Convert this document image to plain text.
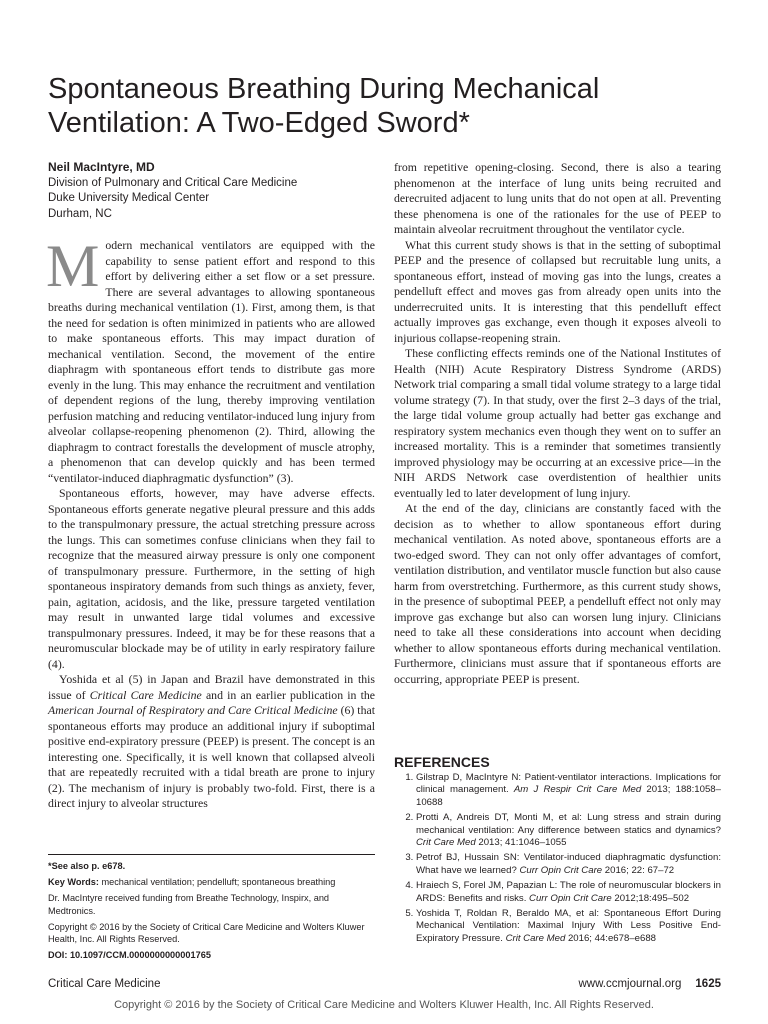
Spontaneous Breathing During Mechanical Ventilation: A Two-Edged Sword*
Neil MacIntyre, MD
Division of Pulmonary and Critical Care Medicine
Duke University Medical Center
Durham, NC

Modern mechanical ventilators are equipped with the capability to sense patient effort and respond to this effort by delivering either a set flow or a set pressure. There are several advantages to allowing spontaneous breaths during mechanical ventilation (1). First, among them, is that the need for sedation is often minimized in patients who are allowed to make spontaneous efforts. This may impact duration of mechanical ventilation. Second, the movement of the entire diaphragm with spontaneous effort tends to distribute gas more evenly in the lung. This may enhance the recruitment and ventilation of dependent regions of the lung, thereby improving ventilation perfusion matching and reducing ventilator-induced lung injury from alveolar collapse-reopening phenomenon (2). Third, allowing the diaphragm to contract forestalls the development of muscle atrophy, a phenomenon that can develop quickly and has been termed “ventilator-induced diaphragmatic dysfunction” (3).

Spontaneous efforts, however, may have adverse effects. Spontaneous efforts generate negative pleural pressure and this adds to the transpulmonary pressure, the actual stretching pressure across the lungs. This can sometimes confuse clinicians when they fail to recognize that the measured airway pressure is only one component of transpulmonary pressure. Furthermore, in the setting of high spontaneous inspiratory demands from such things as anxiety, fever, pain, agitation, acidosis, and the like, pressure targeted ventilation may result in unwanted large tidal volumes and excessive transpulmonary pressures. Indeed, it may be for these reasons that a neuromuscular blockade may be of utility in early respiratory failure (4).

Yoshida et al (5) in Japan and Brazil have demonstrated in this issue of Critical Care Medicine and in an earlier publication in the American Journal of Respiratory and Care Critical Medicine (6) that spontaneous efforts may produce an additional injury if suboptimal positive end-expiratory pressure (PEEP) is present. The concept is an interesting one. Specifically, it is well known that collapsed alveoli that are repeatedly recruited with a tidal breath are prone to injury (2). The mechanism of injury is probably two-fold. First, there is a direct injury to alveolar structures

from repetitive opening-closing. Second, there is also a tearing phenomenon at the interface of lung units being recruited and derecruited adjacent to lung units that do not open at all. Preventing these phenomena is one of the rationales for the use of PEEP to maintain alveolar recruitment throughout the ventilator cycle.

What this current study shows is that in the setting of suboptimal PEEP and the presence of collapsed but recruitable lung units, a spontaneous effort, instead of moving gas into the lungs, creates a pendelluft effect and moves gas from already open units into the underrecruited units. It is interesting that this pendelluft effect actually improves gas exchange, even though it exposes alveoli to injurious collapse-reopening strain.

These conflicting effects reminds one of the National Institutes of Health (NIH) Acute Respiratory Distress Syndrome (ARDS) Network trial comparing a small tidal volume strategy to a large tidal volume strategy (7). In that study, over the first 2–3 days of the trial, the large tidal volume group actually had better gas exchange and respiratory system mechanics even though they went on to suffer an increased mortality. This is a reminder that sometimes transiently improved physiology may be occurring at an excessive price—in the NIH ARDS Network case overdistention of healthier units eventually led to later development of lung injury.

At the end of the day, clinicians are constantly faced with the decision as to whether to allow spontaneous effort during mechanical ventilation. As noted above, spontaneous efforts are a two-edged sword. They can not only offer advantages of comfort, ventilation distribution, and ventilator muscle function but also cause harm from overstretching. Furthermore, as this current study shows, in the presence of suboptimal PEEP, a pendelluft effect not only may improve gas exchange but also can worsen lung injury. Clinicians need to take all these considerations into account when deciding whether to allow spontaneous efforts during mechanical ventilation. Furthermore, clinicians must assure that if spontaneous efforts are occurring, appropriate PEEP is present.

*See also p. e678.

Key Words: mechanical ventilation; pendelluft; spontaneous breathing

Dr. MacIntyre received funding from Breathe Technology, Inspirx, and Medtronics.

Copyright © 2016 by the Society of Critical Care Medicine and Wolters Kluwer Health, Inc. All Rights Reserved.

DOI: 10.1097/CCM.0000000000001765

REFERENCES
1. Gilstrap D, MacIntyre N: Patient-ventilator interactions. Implications for clinical management. Am J Respir Crit Care Med 2013; 188:1058–10688
2. Protti A, Andreis DT, Monti M, et al: Lung stress and strain during mechanical ventilation: Any difference between statics and dynamics? Crit Care Med 2013; 41:1046–1055
3. Petrof BJ, Hussain SN: Ventilator-induced diaphragmatic dysfunction: What have we learned? Curr Opin Crit Care 2016; 22: 67–72
4. Hraiech S, Forel JM, Papazian L: The role of neuromuscular blockers in ARDS: Benefits and risks. Curr Opin Crit Care 2012;18:495–502
5. Yoshida T, Roldan R, Beraldo MA, et al: Spontaneous Effort During Mechanical Ventilation: Maximal Injury With Less Positive End-Expiratory Pressure. Crit Care Med 2016; 44:e678–e688
Critical Care Medicine	www.ccmjournal.org 1625
Copyright © 2016 by the Society of Critical Care Medicine and Wolters Kluwer Health, Inc. All Rights Reserved.
